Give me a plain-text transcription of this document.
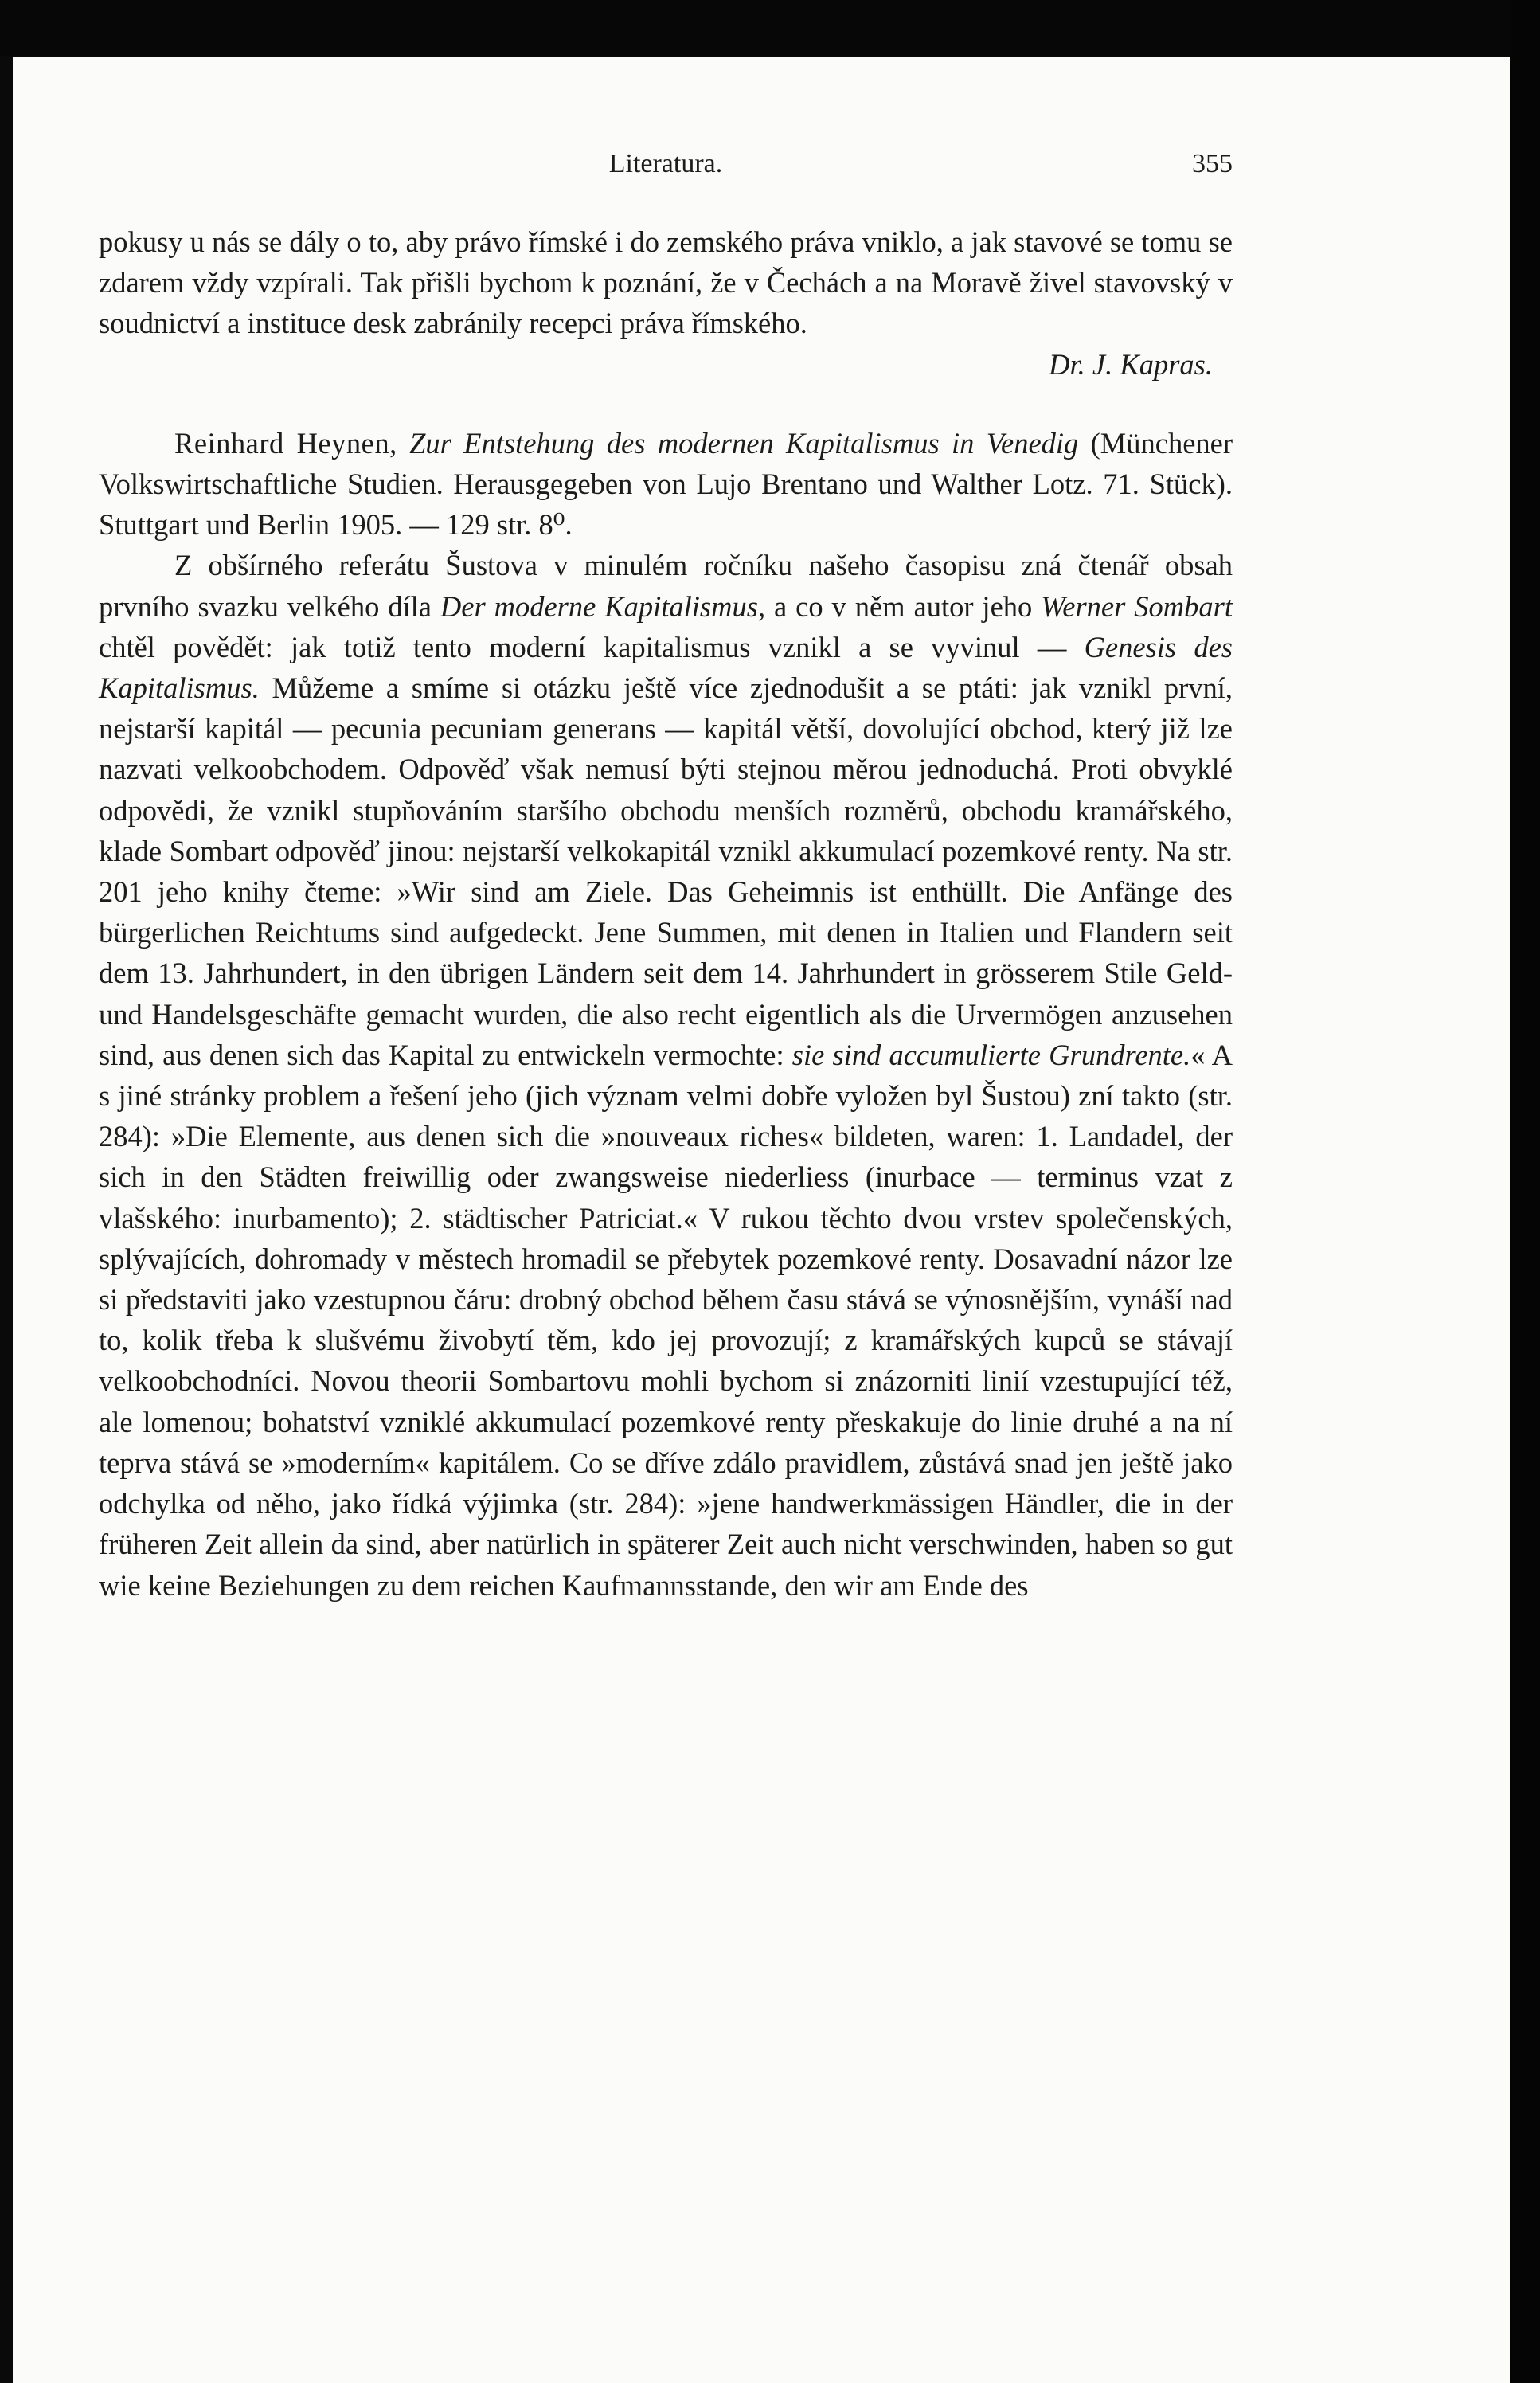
Literatura.	355

pokusy u nás se dály o to, aby právo římské i do zemského práva vniklo, a jak stavové se tomu se zdarem vždy vzpírali. Tak přišli bychom k poznání, že v Čechách a na Moravě živel stavovský v soudnictví a instituce desk zabránily recepci práva římského.

Dr. J. Kapras.

Reinhard Heynen, Zur Entstehung des modernen Kapitalismus in Venedig (Münchener Volkswirtschaftliche Studien. Herausgegeben von Lujo Brentano und Walther Lotz. 71. Stück). Stuttgart und Berlin 1905. — 129 str. 8⁰.

Z obšírného referátu Šustova v minulém ročníku našeho časopisu zná čtenář obsah prvního svazku velkého díla Der moderne Kapitalismus, a co v něm autor jeho Werner Sombart chtěl povědět: jak totiž tento moderní kapitalismus vznikl a se vyvinul — Genesis des Kapitalismus. Můžeme a smíme si otázku ještě více zjednodušit a se ptáti: jak vznikl první, nejstarší kapitál — pecunia pecuniam generans — kapitál větší, dovolující obchod, který již lze nazvati velkoobchodem. Odpověď však nemusí býti stejnou měrou jednoduchá. Proti obvyklé odpovědi, že vznikl stupňováním staršího obchodu menších rozměrů, obchodu kramářského, klade Sombart odpověď jinou: nejstarší velkokapitál vznikl akkumulací pozemkové renty. Na str. 201 jeho knihy čteme: »Wir sind am Ziele. Das Geheimnis ist enthüllt. Die Anfänge des bürgerlichen Reichtums sind aufgedeckt. Jene Summen, mit denen in Italien und Flandern seit dem 13. Jahrhundert, in den übrigen Ländern seit dem 14. Jahrhundert in grösserem Stile Geld- und Handelsgeschäfte gemacht wurden, die also recht eigentlich als die Urvermögen anzusehen sind, aus denen sich das Kapital zu entwickeln vermochte: sie sind accumulierte Grundrente.« A s jiné stránky problem a řešení jeho (jich význam velmi dobře vyložen byl Šustou) zní takto (str. 284): »Die Elemente, aus denen sich die »nouveaux riches« bildeten, waren: 1. Landadel, der sich in den Städten freiwillig oder zwangsweise niederliess (inurbace — terminus vzat z vlašského: inurbamento); 2. städtischer Patriciat.« V rukou těchto dvou vrstev společenských, splývajících, dohromady v městech hromadil se přebytek pozemkové renty. Dosavadní názor lze si představiti jako vzestupnou čáru: drobný obchod během času stává se výnosnějším, vynáší nad to, kolik třeba k slušvému živobytí těm, kdo jej provozují; z kramářských kupců se stávají velkoobchodníci. Novou theorii Sombartovu mohli bychom si znázorniti linií vzestupující též, ale lomenou; bohatství vzniklé akkumulací pozemkové renty přeskakuje do linie druhé a na ní teprva stává se »moderním« kapitálem. Co se dříve zdálo pravidlem, zůstává snad jen ještě jako odchylka od něho, jako řídká výjimka (str. 284): »jene handwerkmässigen Händler, die in der früheren Zeit allein da sind, aber natürlich in späterer Zeit auch nicht verschwinden, haben so gut wie keine Beziehungen zu dem reichen Kaufmannsstande, den wir am Ende des
